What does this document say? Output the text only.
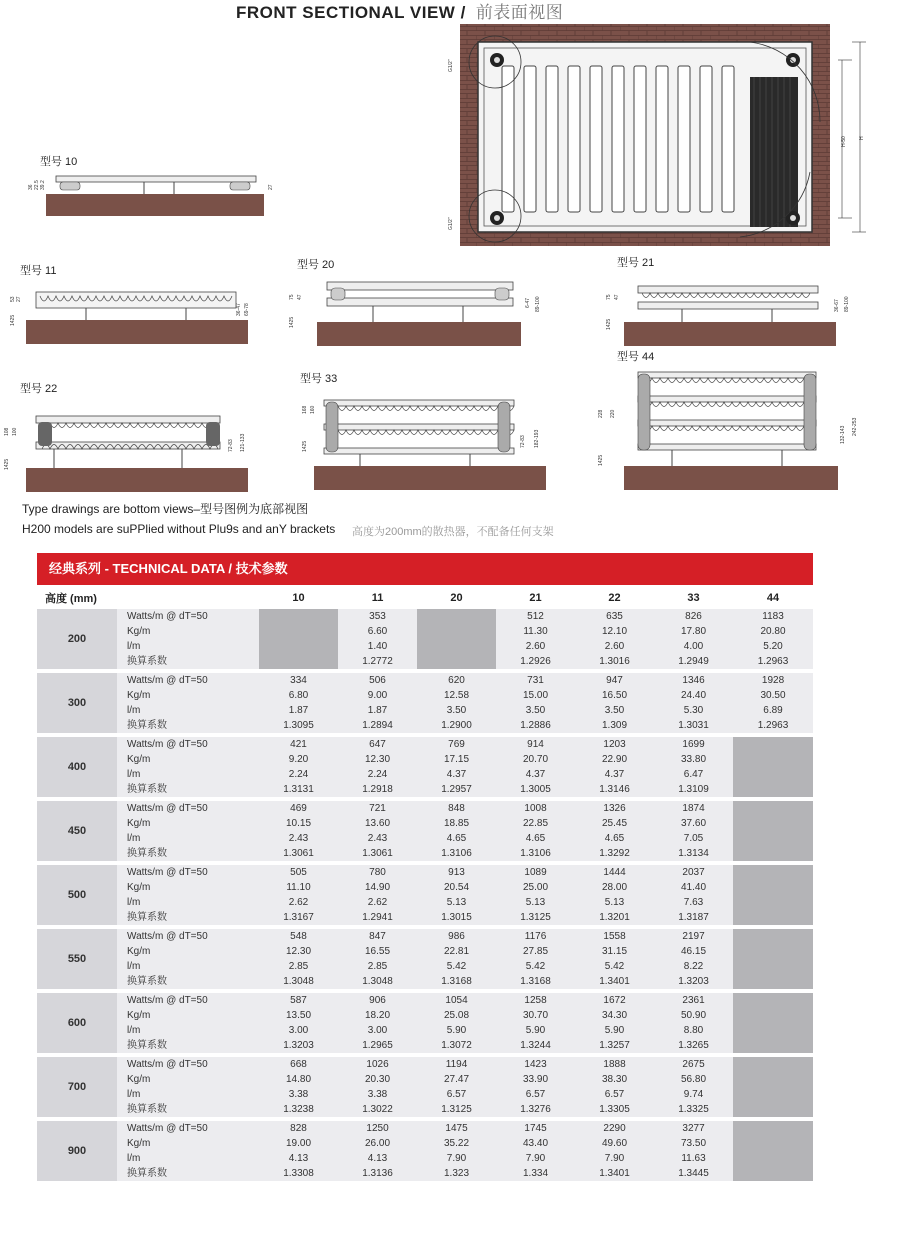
FRONT SECTIONAL VIEW / 前表面视图
H-50 H
G1/2"
G1/2"
型号 10
36 22.5 39.2	27
型号 11
53 27
1425
36-47 69-78
型号 20
75 47
1425
6-47 89-100
型号 21
75 47
1425
36-67 89-100
型号 22
108 100
1425
72-83 121-133
型号 33
168 160
1425	72-83 182-193
型号 44
228 220
1425
132-143 242-253
Type drawings are bottom views–型号图例为底部视图
H200 models are suPPlied without Plu9s and anY brackets 高度为200mm的散热器，不配备任何支架
经典系列 - TECHNICAL DATA / 技术参数
高度 (mm)		10	11	20	21	22	33	44
200	Watts/m @ dT=50		353		512	635	826	1183
	Kg/m		6.60		11.30	12.10	17.80	20.80
	l/m		1.40		2.60	2.60	4.00	5.20
	换算系数		1.2772		1.2926	1.3016	1.2949	1.2963

300	Watts/m @ dT=50	334	506	620	731	947	1346	1928
	Kg/m	6.80	9.00	12.58	15.00	16.50	24.40	30.50
	l/m	1.87	1.87	3.50	3.50	3.50	5.30	6.89
	换算系数	1.3095	1.2894	1.2900	1.2886	1.309	1.3031	1.2963

400	Watts/m @ dT=50	421	647	769	914	1203	1699	
	Kg/m	9.20	12.30	17.15	20.70	22.90	33.80	
	l/m	2.24	2.24	4.37	4.37	4.37	6.47	
	换算系数	1.3131	1.2918	1.2957	1.3005	1.3146	1.3109	

450	Watts/m @ dT=50	469	721	848	1008	1326	1874	
	Kg/m	10.15	13.60	18.85	22.85	25.45	37.60	
	l/m	2.43	2.43	4.65	4.65	4.65	7.05	
	换算系数	1.3061	1.3061	1.3106	1.3106	1.3292	1.3134	

500	Watts/m @ dT=50	505	780	913	1089	1444	2037	
	Kg/m	11.10	14.90	20.54	25.00	28.00	41.40	
	l/m	2.62	2.62	5.13	5.13	5.13	7.63	
	换算系数	1.3167	1.2941	1.3015	1.3125	1.3201	1.3187	

550	Watts/m @ dT=50	548	847	986	1176	1558	2197	
	Kg/m	12.30	16.55	22.81	27.85	31.15	46.15	
	l/m	2.85	2.85	5.42	5.42	5.42	8.22	
	换算系数	1.3048	1.3048	1.3168	1.3168	1.3401	1.3203	

600	Watts/m @ dT=50	587	906	1054	1258	1672	2361	
	Kg/m	13.50	18.20	25.08	30.70	34.30	50.90	
	l/m	3.00	3.00	5.90	5.90	5.90	8.80	
	换算系数	1.3203	1.2965	1.3072	1.3244	1.3257	1.3265	

700	Watts/m @ dT=50	668	1026	1194	1423	1888	2675	
	Kg/m	14.80	20.30	27.47	33.90	38.30	56.80	
	l/m	3.38	3.38	6.57	6.57	6.57	9.74	
	换算系数	1.3238	1.3022	1.3125	1.3276	1.3305	1.3325	

900	Watts/m @ dT=50	828	1250	1475	1745	2290	3277	
	Kg/m	19.00	26.00	35.22	43.40	49.60	73.50	
	l/m	4.13	4.13	7.90	7.90	7.90	11.63	
	换算系数	1.3308	1.3136	1.323	1.334	1.3401	1.3445	
